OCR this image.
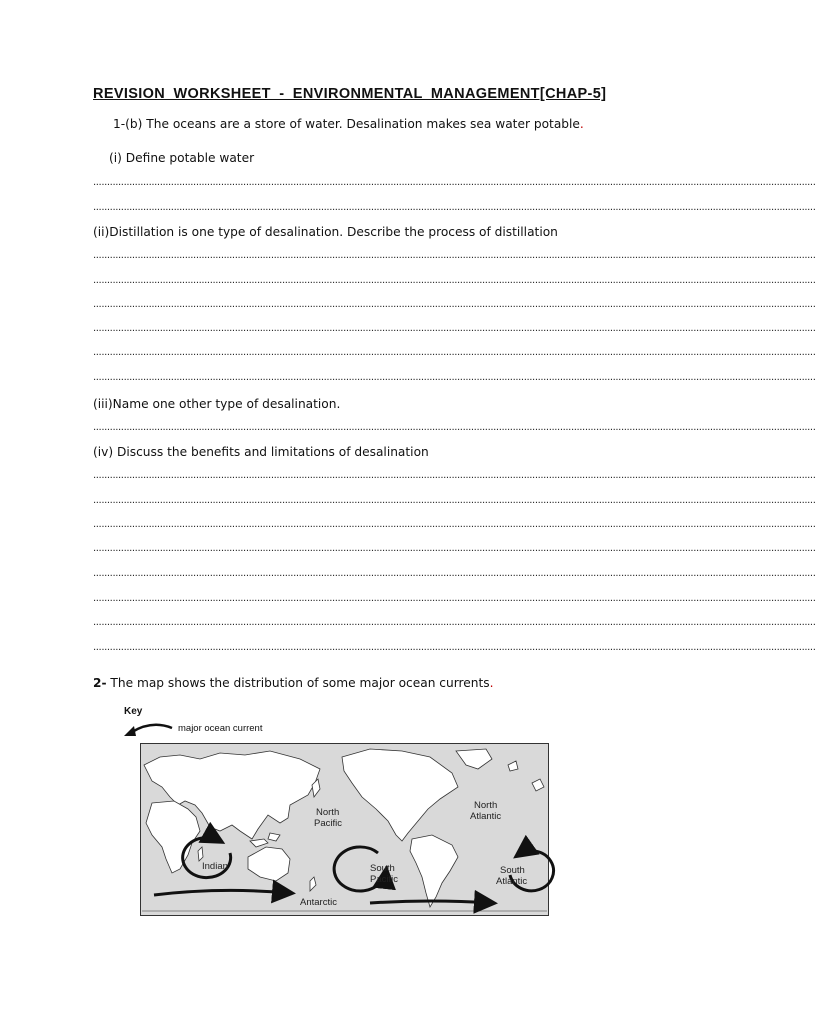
REVISION WORKSHEET - ENVIRONMENTAL MANAGEMENT[CHAP-5]
1-(b) The oceans are a store of water. Desalination makes sea water potable.
(i) Define potable water
....................................................................................................................................................................................................................................................................
....................................................................................................................................................................................................................................................................
(ii)Distillation is one type of desalination. Describe the process of distillation
....................................................................................................................................................................................................................................................................
....................................................................................................................................................................................................................................................................
....................................................................................................................................................................................................................................................................
....................................................................................................................................................................................................................................................................
....................................................................................................................................................................................................................................................................
....................................................................................................................................................................................................................................................................
(iii)Name one other type of desalination.
....................................................................................................................................................................................................................................................................
(iv) Discuss the benefits and limitations of desalination
....................................................................................................................................................................................................................................................................
....................................................................................................................................................................................................................................................................
....................................................................................................................................................................................................................................................................
....................................................................................................................................................................................................................................................................
....................................................................................................................................................................................................................................................................
....................................................................................................................................................................................................................................................................
....................................................................................................................................................................................................................................................................
....................................................................................................................................................................................................................................................................
2- The map shows the distribution of some major ocean currents.
Key
major ocean current
North
Pacific
North
Atlantic
Indian	South
Pacific
South
Atlantic
Antarctic
